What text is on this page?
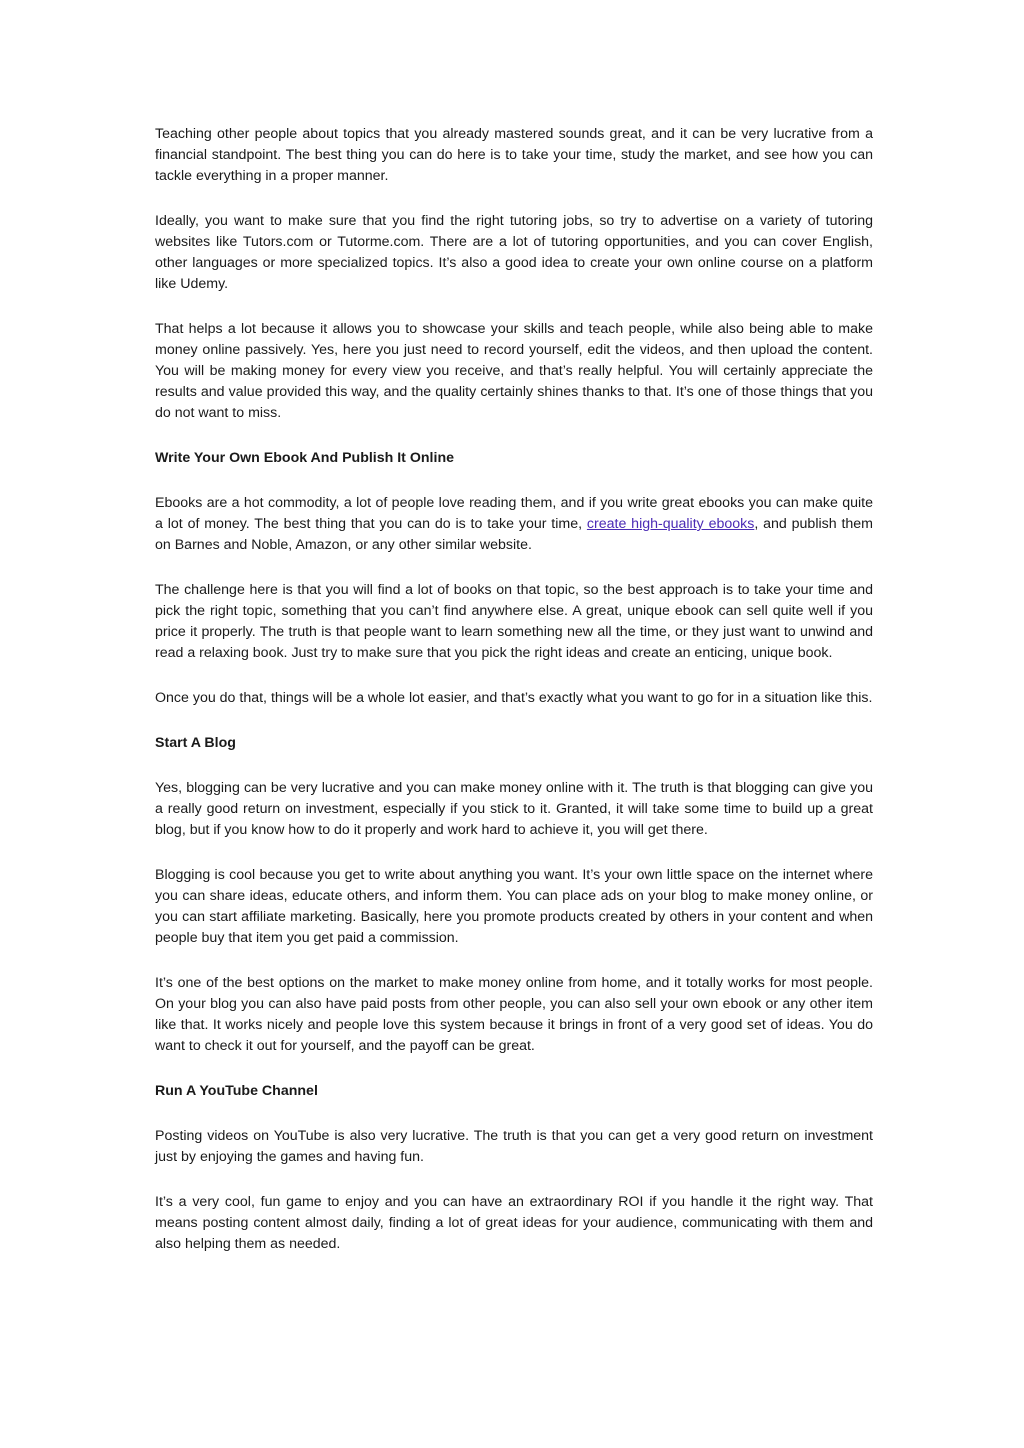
Teaching other people about topics that you already mastered sounds great, and it can be very lucrative from a financial standpoint. The best thing you can do here is to take your time, study the market, and see how you can tackle everything in a proper manner.

Ideally, you want to make sure that you find the right tutoring jobs, so try to advertise on a variety of tutoring websites like Tutors.com or Tutorme.com. There are a lot of tutoring opportunities, and you can cover English, other languages or more specialized topics. It’s also a good idea to create your own online course on a platform like Udemy.

That helps a lot because it allows you to showcase your skills and teach people, while also being able to make money online passively. Yes, here you just need to record yourself, edit the videos, and then upload the content. You will be making money for every view you receive, and that’s really helpful. You will certainly appreciate the results and value provided this way, and the quality certainly shines thanks to that. It’s one of those things that you do not want to miss.

Write Your Own Ebook And Publish It Online

Ebooks are a hot commodity, a lot of people love reading them, and if you write great ebooks you can make quite a lot of money. The best thing that you can do is to take your time, create high-quality ebooks, and publish them on Barnes and Noble, Amazon, or any other similar website.

The challenge here is that you will find a lot of books on that topic, so the best approach is to take your time and pick the right topic, something that you can’t find anywhere else. A great, unique ebook can sell quite well if you price it properly. The truth is that people want to learn something new all the time, or they just want to unwind and read a relaxing book. Just try to make sure that you pick the right ideas and create an enticing, unique book.

Once you do that, things will be a whole lot easier, and that’s exactly what you want to go for in a situation like this.

Start A Blog

Yes, blogging can be very lucrative and you can make money online with it. The truth is that blogging can give you a really good return on investment, especially if you stick to it. Granted, it will take some time to build up a great blog, but if you know how to do it properly and work hard to achieve it, you will get there.

Blogging is cool because you get to write about anything you want. It’s your own little space on the internet where you can share ideas, educate others, and inform them. You can place ads on your blog to make money online, or you can start affiliate marketing. Basically, here you promote products created by others in your content and when people buy that item you get paid a commission.

It’s one of the best options on the market to make money online from home, and it totally works for most people. On your blog you can also have paid posts from other people, you can also sell your own ebook or any other item like that. It works nicely and people love this system because it brings in front of a very good set of ideas. You do want to check it out for yourself, and the payoff can be great.

Run A YouTube Channel

Posting videos on YouTube is also very lucrative. The truth is that you can get a very good return on investment just by enjoying the games and having fun.

It’s a very cool, fun game to enjoy and you can have an extraordinary ROI if you handle it the right way. That means posting content almost daily, finding a lot of great ideas for your audience, communicating with them and also helping them as needed.
